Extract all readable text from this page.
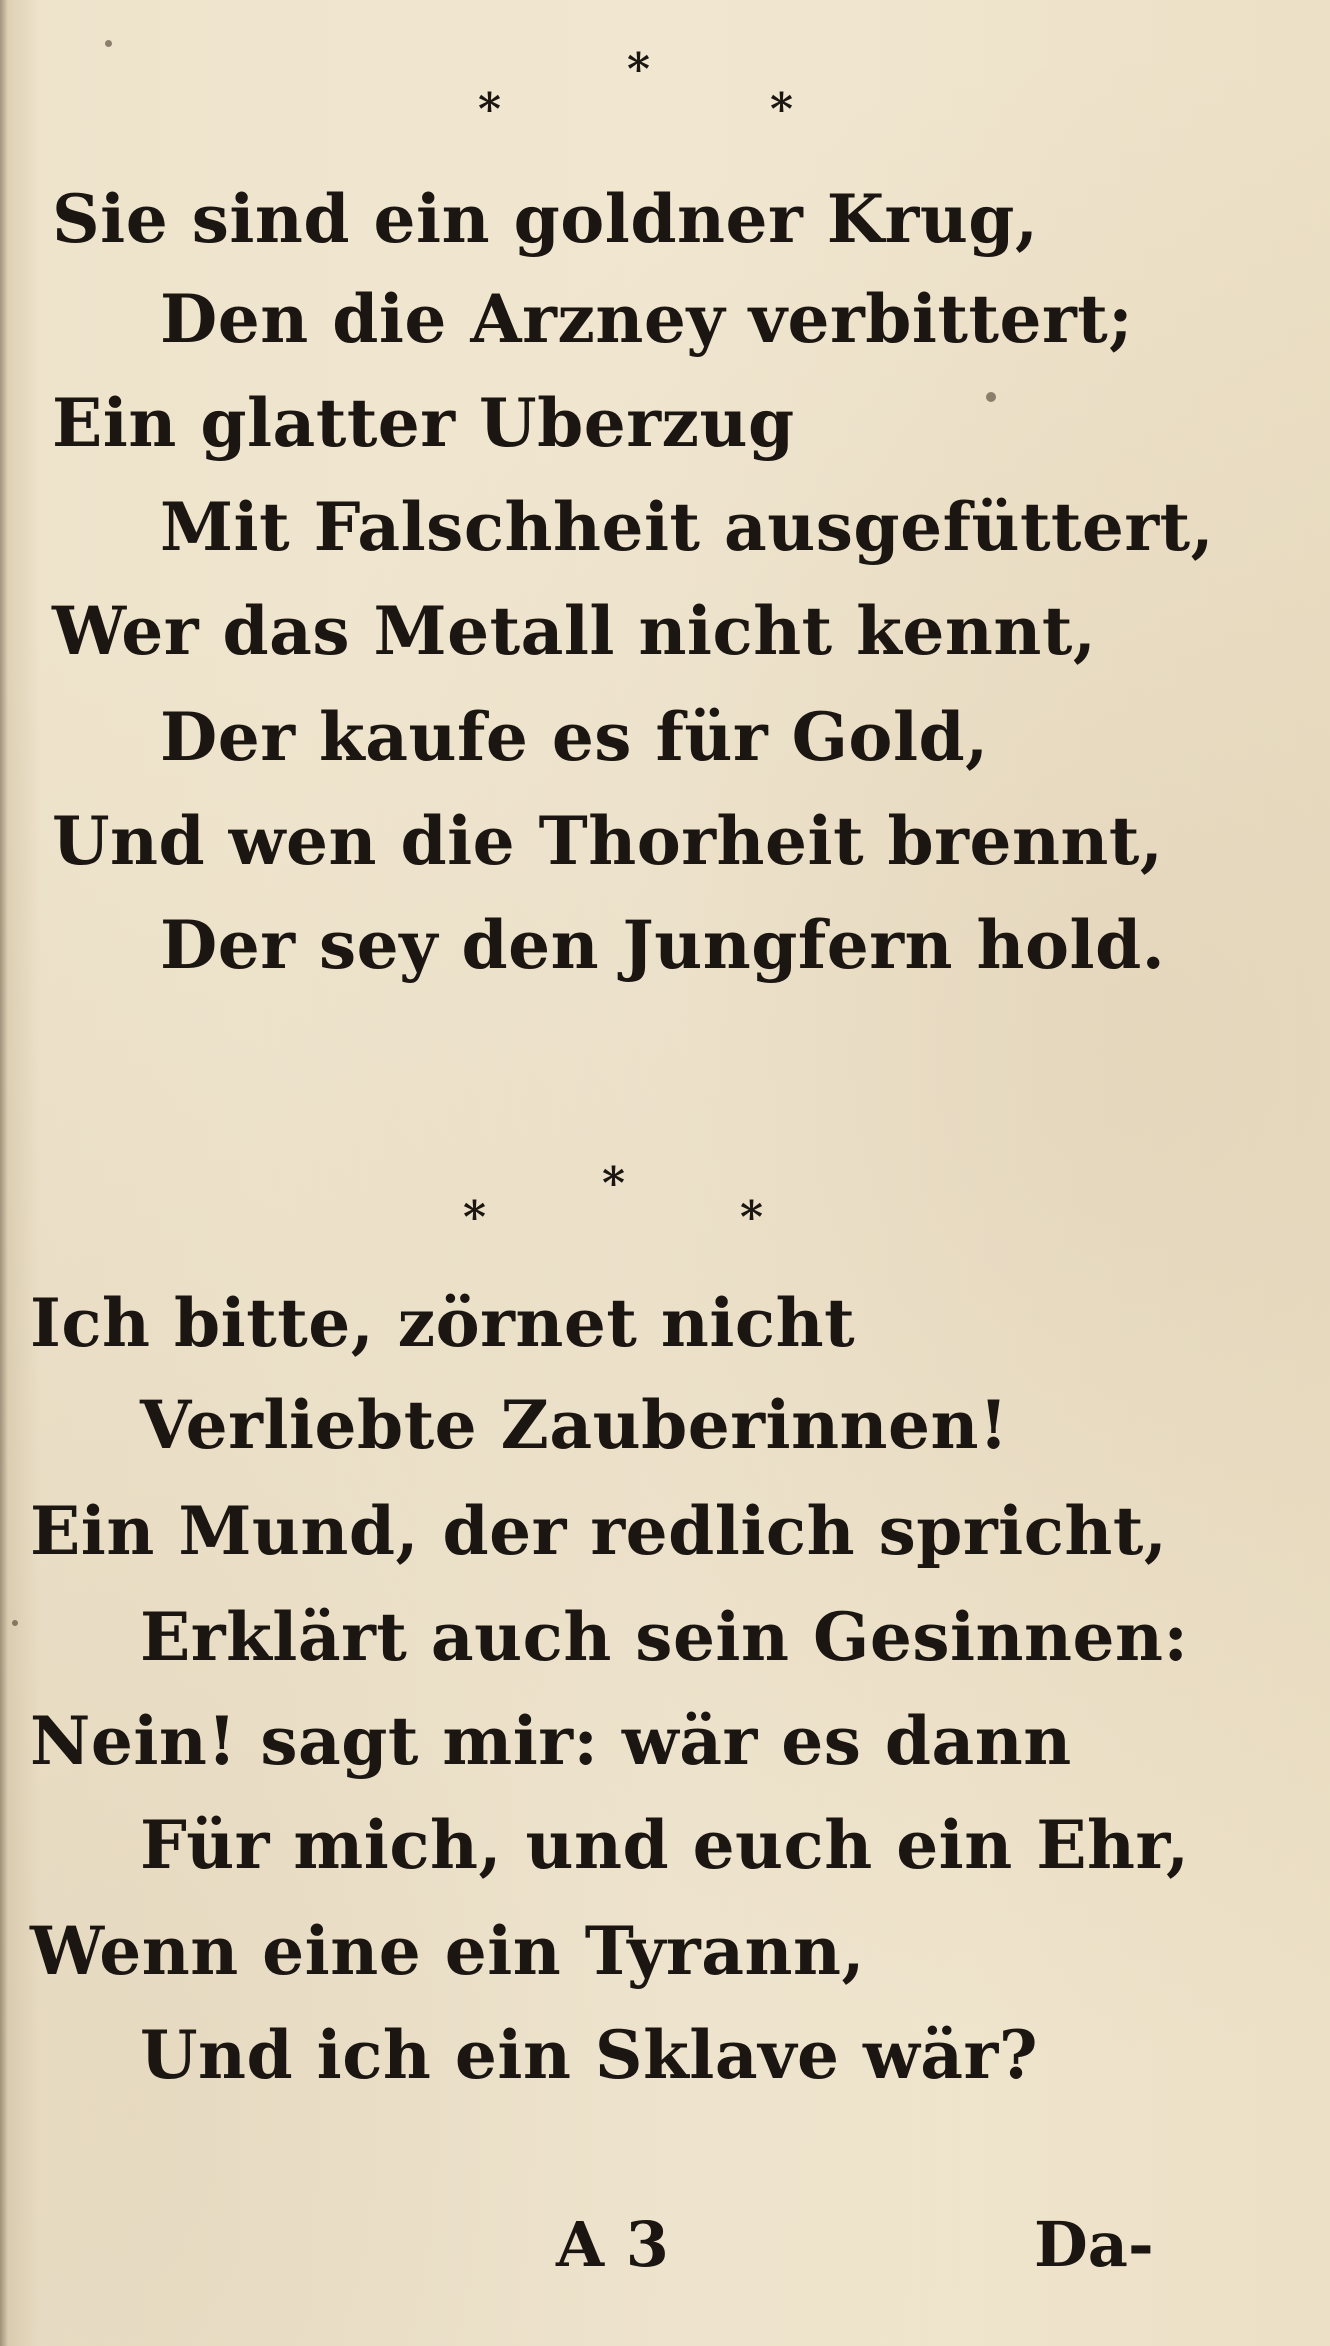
*
*	*
Sie sind ein goldner Krug,
Den die Arzney verbittert;
Ein glatter Uberzug
Mit Falschheit ausgefüttert,
Wer das Metall nicht kennt,
Der kaufe es für Gold,
Und wen die Thorheit brennt,
Der sey den Jungfern hold.
*
*	*
Ich bitte, zörnet nicht
Verliebte Zauberinnen!
Ein Mund, der redlich spricht,
Erklärt auch sein Gesinnen:
Nein! sagt mir: wär es dann
Für mich, und euch ein Ehr,
Wenn eine ein Tyrann,
Und ich ein Sklave wär?
A 3	Da-
